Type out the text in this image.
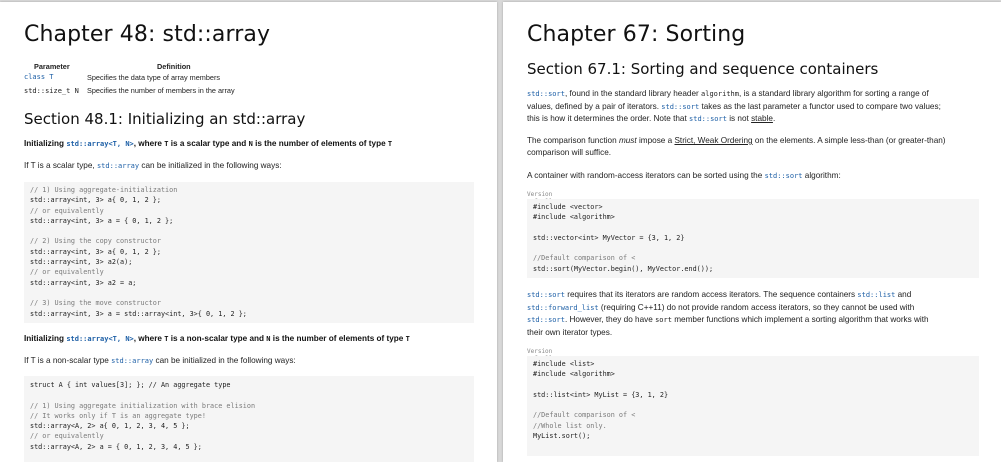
Chapter 48: std::array
Parameter	Definition
class T	Specifies the data type of array members
std::size_t N Specifies the number of members in the array
Section 48.1: Initializing an std::array
Initializing std::array<T, N>, where T is a scalar type and N is the number of elements of type T
If T is a scalar type, std::array can be initialized in the following ways:
// 1) Using aggregate-initialization
std::array<int, 3> a{ 0, 1, 2 };
// or equivalently
std::array<int, 3> a = { 0, 1, 2 };
// 2) Using the copy constructor
std::array<int, 3> a{ 0, 1, 2 };
std::array<int, 3> a2(a);
// or equivalently
std::array<int, 3> a2 = a;
// 3) Using the move constructor
std::array<int, 3> a = std::array<int, 3>{ 0, 1, 2 };
Initializing std::array<T, N>, where T is a non-scalar type and N is the number of elements of type T
If T is a non-scalar type std::array can be initialized in the following ways:
struct A { int values[3]; }; // An aggregate type
// 1) Using aggregate initialization with brace elision
// It works only if T is an aggregate type!
std::array<A, 2> a{ 0, 1, 2, 3, 4, 5 };
// or equivalently
std::array<A, 2> a = { 0, 1, 2, 3, 4, 5 };
Chapter 67: Sorting
Section 67.1: Sorting and sequence containers
std::sort, found in the standard library header algorithm, is a standard library algorithm for sorting a range of
values, defined by a pair of iterators. std::sort takes as the last parameter a functor used to compare two values;
this is how it determines the order. Note that std::sort is not stable.
The comparison function must impose a Strict, Weak Ordering on the elements. A simple less-than (or greater-than)
comparison will suffice.
A container with random-access iterators can be sorted using the std::sort algorithm:
Version
#include <vector>
#include <algorithm>
std::vector<int> MyVector = {3, 1, 2}
//Default comparison of <
std::sort(MyVector.begin(), MyVector.end());
std::sort requires that its iterators are random access iterators. The sequence containers std::list and
std::forward_list (requiring C++11) do not provide random access iterators, so they cannot be used with
std::sort. However, they do have sort member functions which implement a sorting algorithm that works with
their own iterator types.
Version
#include <list>
#include <algorithm>
std::list<int> MyList = {3, 1, 2}
//Default comparison of <
//Whole list only.
MyList.sort();
